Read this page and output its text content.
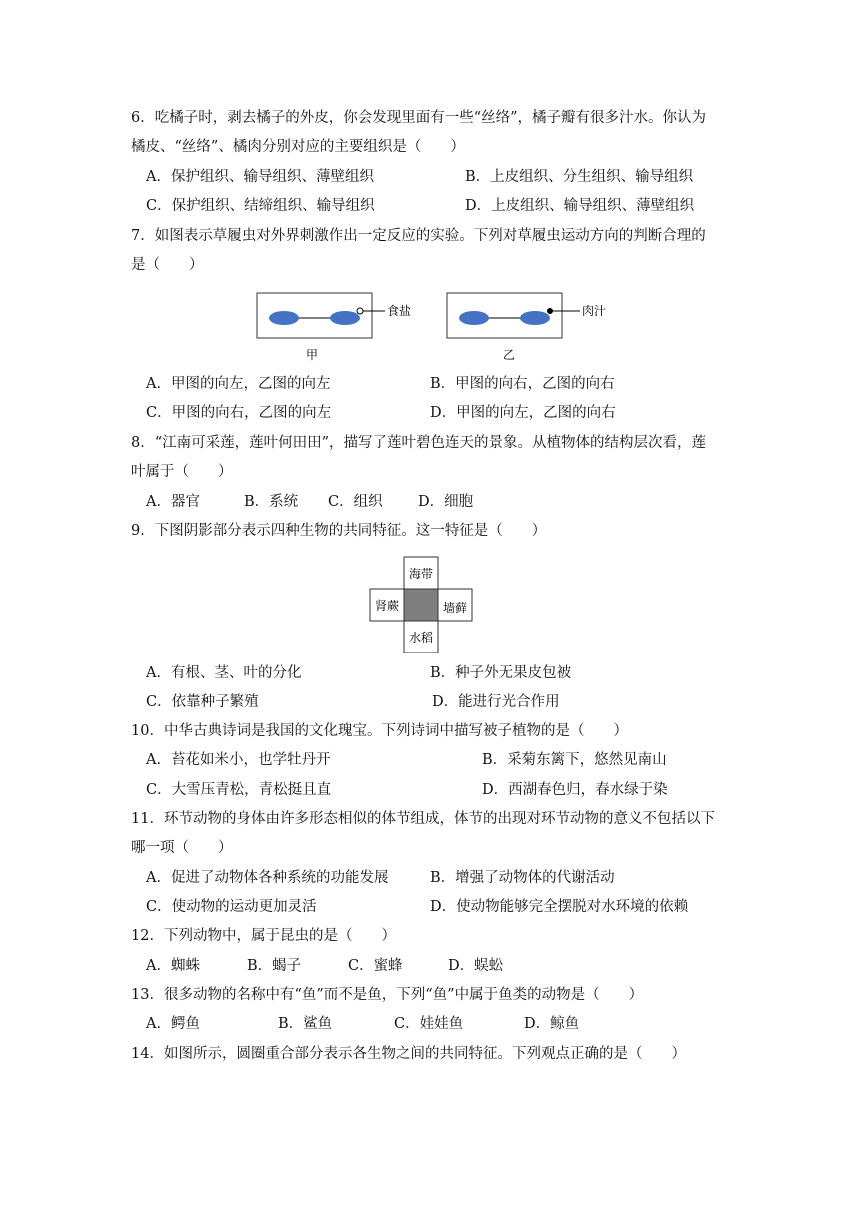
6．吃橘子时，剥去橘子的外皮，你会发现里面有一些“丝络”，橘子瓣有很多汁水。你认为
橘皮、“丝络”、橘肉分别对应的主要组织是（　　）
A．保护组织、输导组织、薄壁组织	B．上皮组织、分生组织、输导组织
C．保护组织、结缔组织、输导组织	D．上皮组织、输导组织、薄壁组织
7．如图表示草履虫对外界刺激作出一定反应的实验。下列对草履虫运动方向的判断合理的
是（　　）
食盐
甲
肉汁
乙
A．甲图的向左，乙图的向左	B．甲图的向右，乙图的向右
C．甲图的向右，乙图的向左	D．甲图的向左，乙图的向右
8．“江南可采莲，莲叶何田田”，描写了莲叶碧色连天的景象。从植物体的结构层次看，莲
叶属于（　　）
A．器官	B．系统 C．组织 D．细胞
9．下图阴影部分表示四种生物的共同特征。这一特征是（　　）
海带
肾蕨	墙藓
水稻
A．有根、茎、叶的分化	B．种子外无果皮包被
C．依靠种子繁殖	D．能进行光合作用
10．中华古典诗词是我国的文化瑰宝。下列诗词中描写被子植物的是（　　）
A．苔花如米小，也学牡丹开	B．采菊东篱下，悠然见南山
C．大雪压青松，青松挺且直	D．西湖春色归，春水绿于染
11．环节动物的身体由许多形态相似的体节组成，体节的出现对环节动物的意义不包括以下
哪一项（　　）
A．促进了动物体各种系统的功能发展	B．增强了动物体的代谢活动
C．使动物的运动更加灵活	D．使动物能够完全摆脱对水环境的依赖
12．下列动物中，属于昆虫的是（　　）
A．蜘蛛	B．蝎子	C．蜜蜂	D．蜈蚣
13．很多动物的名称中有“鱼”而不是鱼，下列“鱼”中属于鱼类的动物是（　　）
A．鳄鱼	B．鲨鱼	C．娃娃鱼	D．鲸鱼
14．如图所示，圆圈重合部分表示各生物之间的共同特征。下列观点正确的是（　　）
